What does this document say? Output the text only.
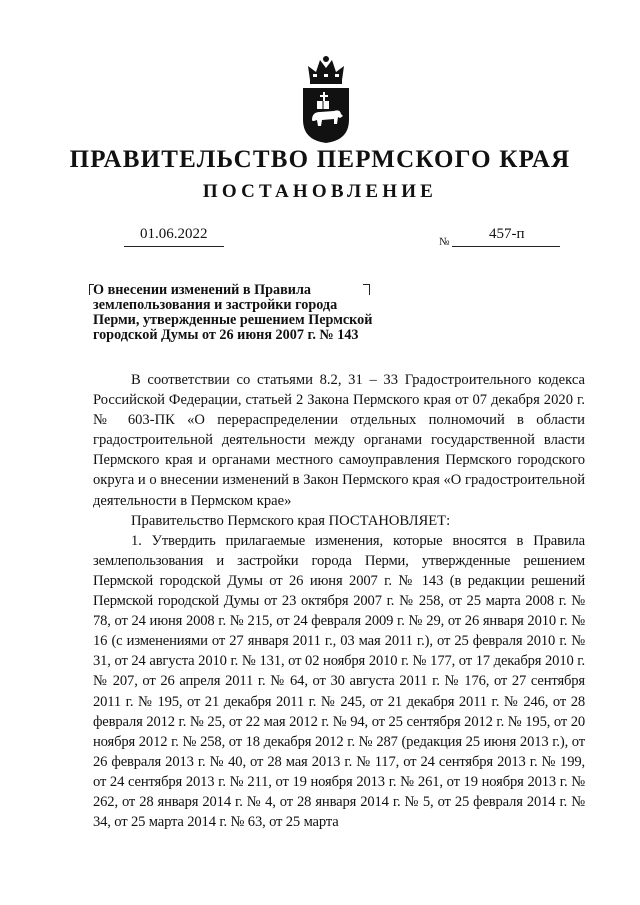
ПРАВИТЕЛЬСТВО ПЕРМСКОГО КРАЯ
ПОСТАНОВЛЕНИЕ
01.06.2022	№	457-п
О внесении изменений в Правила
землепользования и застройки города
Перми, утвержденные решением Пермской
городской Думы от 26 июня 2007 г. № 143

В соответствии со статьями 8.2, 31 – 33 Градостроительного кодекса Российской Федерации, статьей 2 Закона Пермского края от 07 декабря 2020 г. № 603-ПК «О перераспределении отдельных полномочий в области градостроительной деятельности между органами государственной власти Пермского края и органами местного самоуправления Пермского городского округа и о внесении изменений в Закон Пермского края «О градостроительной деятельности в Пермском крае»

Правительство Пермского края ПОСТАНОВЛЯЕТ:

1. Утвердить прилагаемые изменения, которые вносятся в Правила землепользования и застройки города Перми, утвержденные решением Пермской городской Думы от 26 июня 2007 г. № 143 (в редакции решений Пермской городской Думы от 23 октября 2007 г. № 258, от 25 марта 2008 г. № 78, от 24 июня 2008 г. № 215, от 24 февраля 2009 г. № 29, от 26 января 2010 г. № 16 (с изменениями от 27 января 2011 г., 03 мая 2011 г.), от 25 февраля 2010 г. № 31, от 24 августа 2010 г. № 131, от 02 ноября 2010 г. № 177, от 17 декабря 2010 г. № 207, от 26 апреля 2011 г. № 64, от 30 августа 2011 г. № 176, от 27 сентября 2011 г. № 195, от 21 декабря 2011 г. № 245, от 21 декабря 2011 г. № 246, от 28 февраля 2012 г. № 25, от 22 мая 2012 г. № 94, от 25 сентября 2012 г. № 195, от 20 ноября 2012 г. № 258, от 18 декабря 2012 г. № 287 (редакция 25 июня 2013 г.), от 26 февраля 2013 г. № 40, от 28 мая 2013 г. № 117, от 24 сентября 2013 г. № 199, от 24 сентября 2013 г. № 211, от 19 ноября 2013 г. № 261, от 19 ноября 2013 г. № 262, от 28 января 2014 г. № 4, от 28 января 2014 г. № 5, от 25 февраля 2014 г. № 34, от 25 марта 2014 г. № 63, от 25 марта
